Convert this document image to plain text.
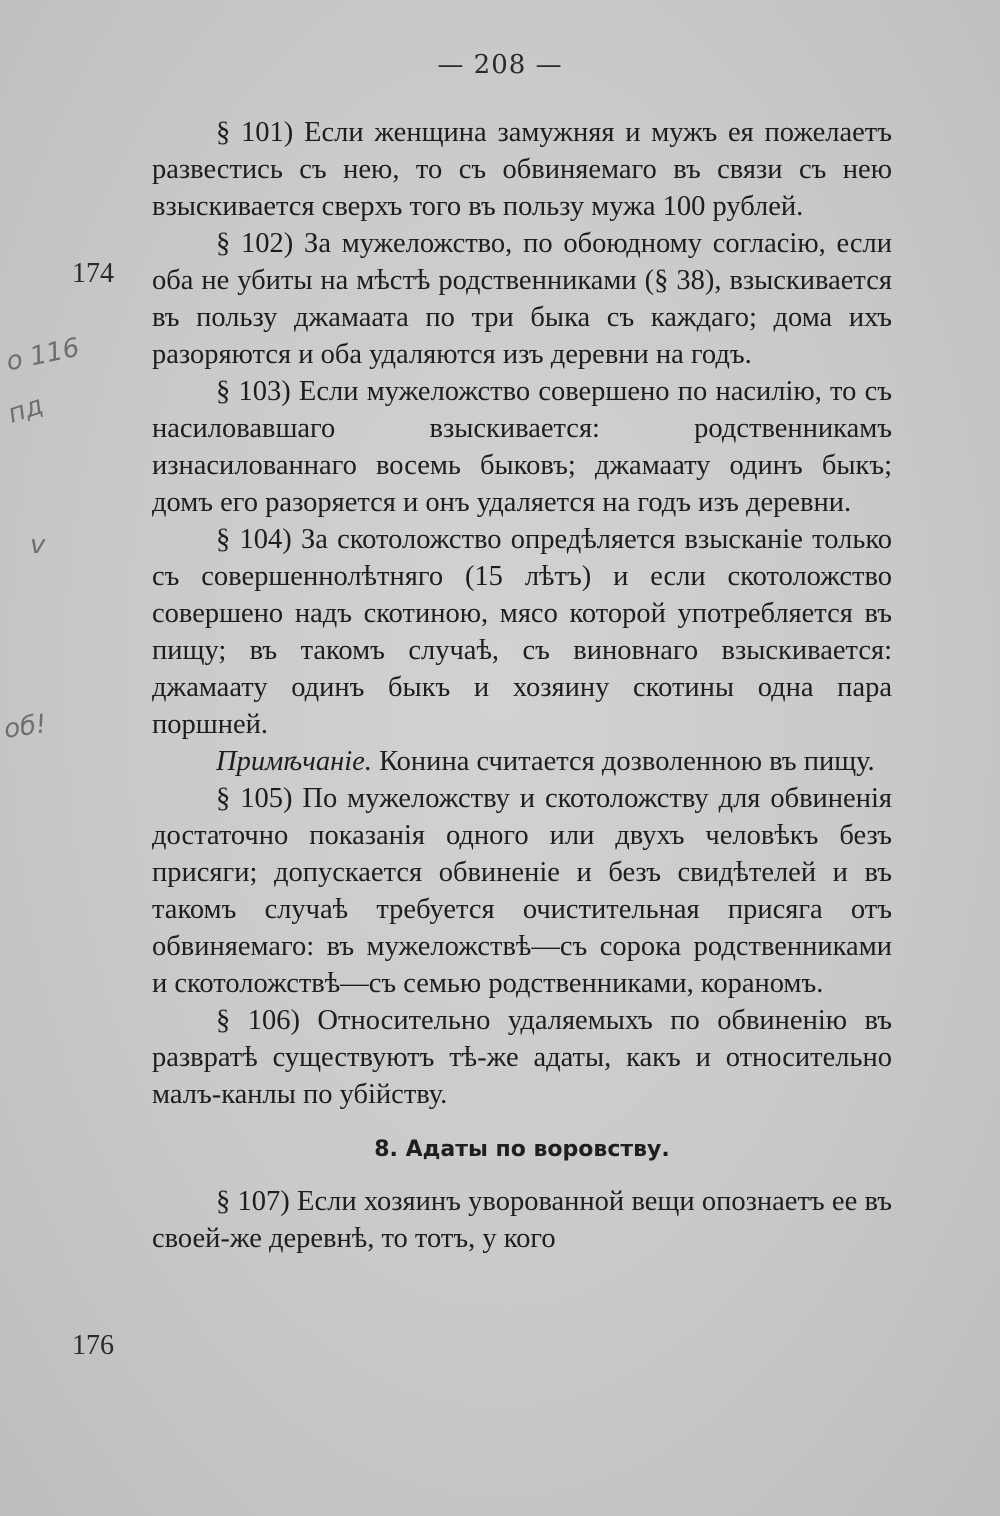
— 208 —
174
176
о 116
пд
v
об!

§ 101) Если женщина замужняя и мужъ ея пожелаетъ развестись съ нею, то съ обвиняемаго въ связи съ нею взыскивается сверхъ того въ пользу мужа 100 рублей.

§ 102) За мужеложство, по обоюдному согласію, если оба не убиты на мѣстѣ родственниками (§ 38), взыскивается въ пользу джамаата по три быка съ каждаго; дома ихъ разоряются и оба удаляются изъ деревни на годъ.

§ 103) Если мужеложство совершено по насилію, то съ насиловавшаго взыскивается: родственникамъ изнасилованнаго восемь быковъ; джамаату одинъ быкъ; домъ его разоряется и онъ удаляется на годъ изъ деревни.

§ 104) За скотоложство опредѣляется взысканіе только съ совершеннолѣтняго (15 лѣтъ) и если скотоложство совершено надъ скотиною, мясо которой употребляется въ пищу; въ такомъ случаѣ, съ виновнаго взыскивается: джамаату одинъ быкъ и хозяину скотины одна пара поршней.

Примѣчаніе. Конина считается дозволенною въ пищу.

§ 105) По мужеложству и скотоложству для обвиненія достаточно показанія одного или двухъ человѣкъ безъ присяги; допускается обвиненіе и безъ свидѣтелей и въ такомъ случаѣ требуется очистительная присяга отъ обвиняемаго: въ мужеложствѣ—съ сорока родственниками и скотоложствѣ—съ семью родственниками, кораномъ.

§ 106) Относительно удаляемыхъ по обвиненію въ развратѣ существуютъ тѣ-же адаты, какъ и относительно малъ-канлы по убійству.

8. Адаты по воровству.

§ 107) Если хозяинъ уворованной вещи опознаетъ ее въ своей-же деревнѣ, то тотъ, у кого
